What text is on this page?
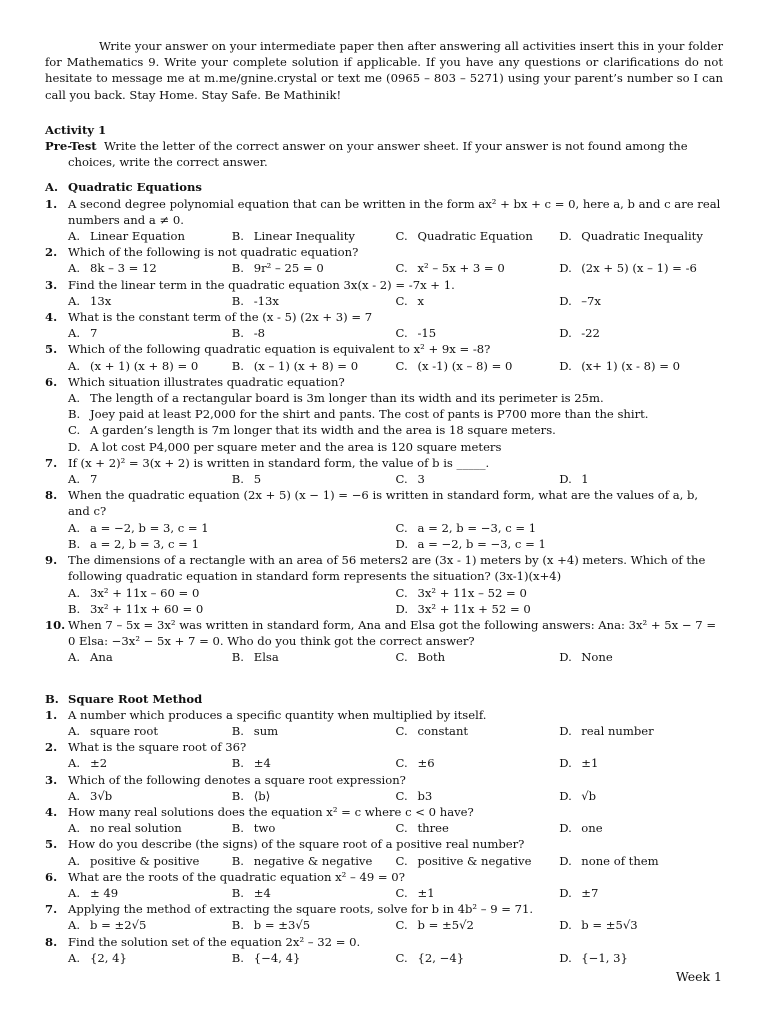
Write your answer on your intermediate paper then after answering all activities insert this in your folder for Mathematics 9. Write your complete solution if applicable. If you have any questions or clarifications do not hesitate to message me at m.me/gnine.crystal or text me (0965 – 803 – 5271) using your parent’s number so I can call you back. Stay Home. Stay Safe. Be Mathinik!

Activity 1

Pre-Test Write the letter of the correct answer on your answer sheet. If your answer is not found among the choices, write the correct answer.

A. Quadratic Equations
1. A second degree polynomial equation that can be written in the form ax² + bx + c = 0, here a, b and c are real numbers and a ≠ 0.
A. Linear Equation	B. Linear Inequality	C. Quadratic Equation D. Quadratic Inequality
2. Which of the following is not quadratic equation?
A. 8k – 3 = 12	B. 9r² – 25 = 0	C. x² – 5x + 3 = 0	D. (2x + 5) (x – 1) = -6
3. Find the linear term in the quadratic equation 3x(x - 2) = -7x + 1.
A. 13x	B. -13x	C. x	D. –7x
4. What is the constant term of the (x - 5) (2x + 3) = 7
A. 7	B. -8	C. -15	D. -22
5. Which of the following quadratic equation is equivalent to x² + 9x = -8?
A. (x + 1) (x + 8) = 0	B. (x – 1) (x + 8) = 0	C. (x -1) (x – 8) = 0	D. (x+ 1) (x - 8) = 0
6. Which situation illustrates quadratic equation?
A. The length of a rectangular board is 3m longer than its width and its perimeter is 25m.
B. Joey paid at least P2,000 for the shirt and pants. The cost of pants is P700 more than the shirt.
C. A garden’s length is 7m longer that its width and the area is 18 square meters.
D. A lot cost P4,000 per square meter and the area is 120 square meters
7. If (x + 2)² = 3(x + 2) is written in standard form, the value of b is _____.
A. 7	B. 5	C. 3	D. 1
8. When the quadratic equation (2x + 5) (x − 1) = −6 is written in standard form, what are the values of a, b, and c?
A. a = −2, b = 3, c = 1	C. a = 2, b = −3, c = 1
B. a = 2, b = 3, c = 1	D. a = −2, b = −3, c = 1
9. The dimensions of a rectangle with an area of 56 meters2 are (3x - 1) meters by (x +4) meters. Which of the following quadratic equation in standard form represents the situation? (3x-1)(x+4)
A. 3x² + 11x – 60 = 0	C. 3x² + 11x – 52 = 0
B. 3x² + 11x + 60 = 0	D. 3x² + 11x + 52 = 0
10. When 7 – 5x = 3x² was written in standard form, Ana and Elsa got the following answers: Ana: 3x² + 5x − 7 = 0 Elsa: −3x² − 5x + 7 = 0. Who do you think got the correct answer?
A. Ana	B. Elsa	C. Both	D. None
B. Square Root Method
1. A number which produces a specific quantity when multiplied by itself.
A. square root	B. sum	C. constant	D. real number
2. What is the square root of 36?
A. ±2	B. ±4	C. ±6	D. ±1
3. Which of the following denotes a square root expression?
A. 3√b	B. ⟨b⟩	C. b3	D. √b
4. How many real solutions does the equation x² = c where c < 0 have?
A. no real solution	B. two	C. three	D. one
5. How do you describe (the signs) of the square root of a positive real number?
A. positive & positive	B. negative & negative C. positive & negative D. none of them
6. What are the roots of the quadratic equation x² – 49 = 0?
A. ± 49	B. ±4	C. ±1	D. ±7
7. Applying the method of extracting the square roots, solve for b in 4b² – 9 = 71.
A. b = ±2√5	B. b = ±3√5	C. b = ±5√2	D. b = ±5√3
8. Find the solution set of the equation 2x² – 32 = 0.
A. {2, 4}	B. {−4, 4}	C. {2, −4}	D. {−1, 3}
Week 1
